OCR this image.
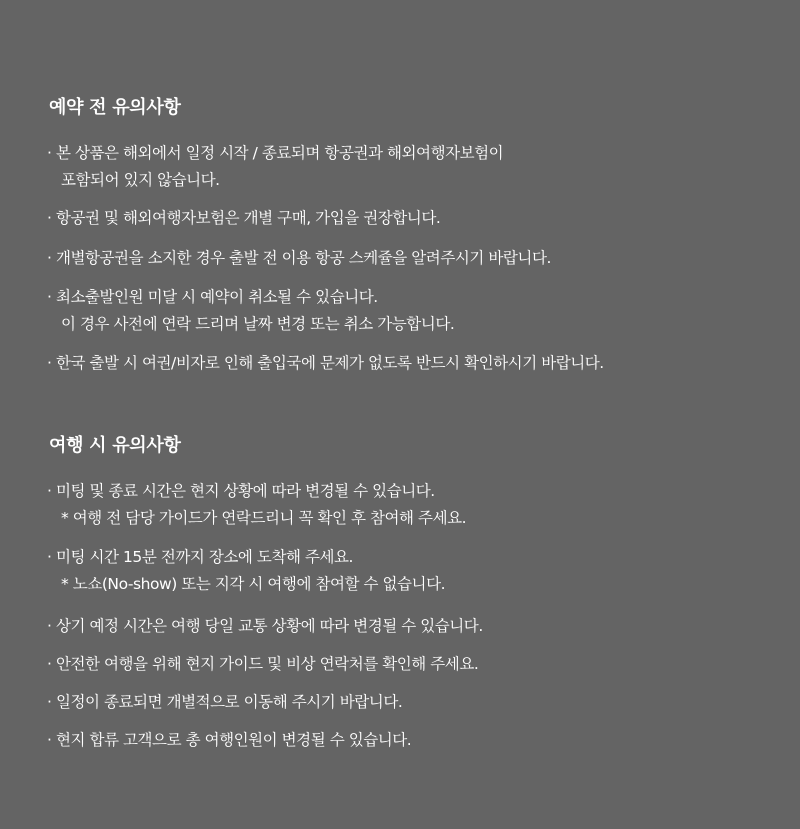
예약 전 유의사항

· 본 상품은 해외에서 일정 시작 / 종료되며 항공권과 해외여행자보험이
포함되어 있지 않습니다.

· 항공권 및 해외여행자보험은 개별 구매, 가입을 권장합니다.

· 개별항공권을 소지한 경우 출발 전 이용 항공 스케쥴을 알려주시기 바랍니다.

· 최소출발인원 미달 시 예약이 취소될 수 있습니다.
이 경우 사전에 연락 드리며 날짜 변경 또는 취소 가능합니다.

· 한국 출발 시 여권/비자로 인해 출입국에 문제가 없도록 반드시 확인하시기 바랍니다.

여행 시 유의사항

· 미팅 및 종료 시간은 현지 상황에 따라 변경될 수 있습니다.
* 여행 전 담당 가이드가 연락드리니 꼭 확인 후 참여해 주세요.

· 미팅 시간 15분 전까지 장소에 도착해 주세요.
* 노쇼(No-show) 또는 지각 시 여행에 참여할 수 없습니다.

· 상기 예정 시간은 여행 당일 교통 상황에 따라 변경될 수 있습니다.

· 안전한 여행을 위해 현지 가이드 및 비상 연락처를 확인해 주세요.

· 일정이 종료되면 개별적으로 이동해 주시기 바랍니다.

· 현지 합류 고객으로 총 여행인원이 변경될 수 있습니다.
